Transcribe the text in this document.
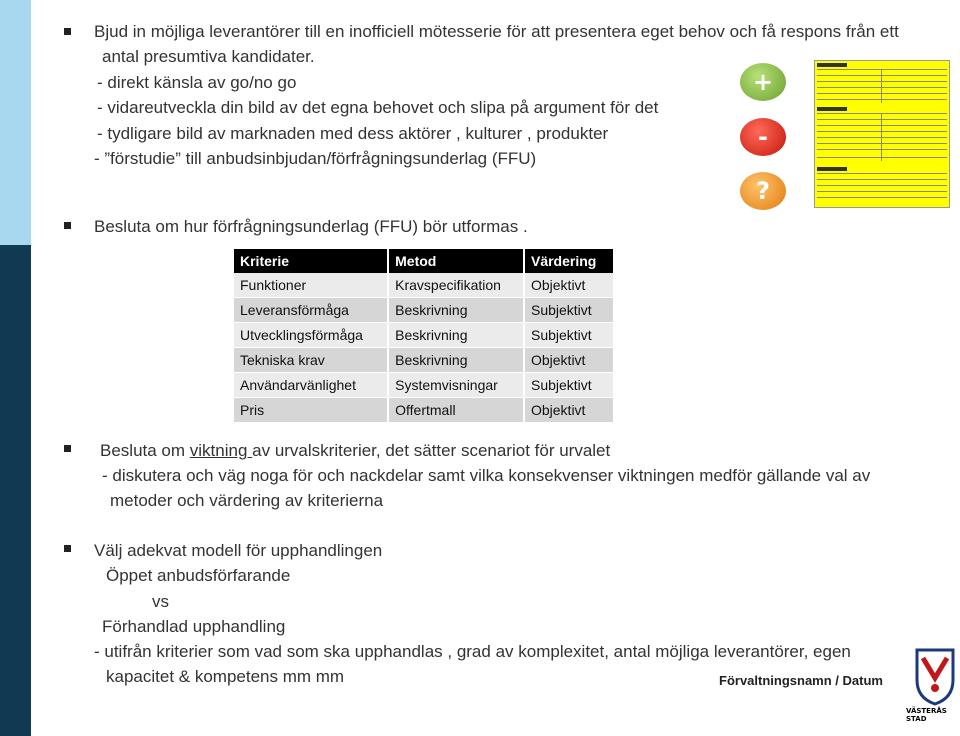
Bjud in möjliga leverantörer till en inofficiell mötesserie för att presentera eget behov och få respons från ett
antal presumtiva kandidater.
- direkt känsla av go/no go
- vidareutveckla din bild av det egna behovet och slipa på argument för det
- tydligare bild av marknaden med dess aktörer , kulturer , produkter
- ”förstudie” till anbudsinbjudan/förfrågningsunderlag (FFU)
+
-
?
Besluta om hur förfrågningsunderlag (FFU) bör utformas .
Kriterie	Metod	Värdering
Funktioner	Kravspecifikation	Objektivt
Leveransförmåga	Beskrivning	Subjektivt
Utvecklingsförmåga	Beskrivning	Subjektivt
Tekniska krav	Beskrivning	Objektivt
Användarvänlighet	Systemvisningar	Subjektivt
Pris	Offertmall	Objektivt
Besluta om viktning av urvalskriterier, det sätter scenariot för urvalet
- diskutera och väg noga för och nackdelar samt vilka konsekvenser viktningen medför gällande val av
metoder och värdering av kriterierna
Välj adekvat modell för upphandlingen
Öppet anbudsförfarande
vs
Förhandlad upphandling
- utifrån kriterier som vad som ska upphandlas , grad av komplexitet, antal möjliga leverantörer, egen
kapacitet & kompetens mm mm	Förvaltningsnamn / Datum
VÄSTERÅS STAD
